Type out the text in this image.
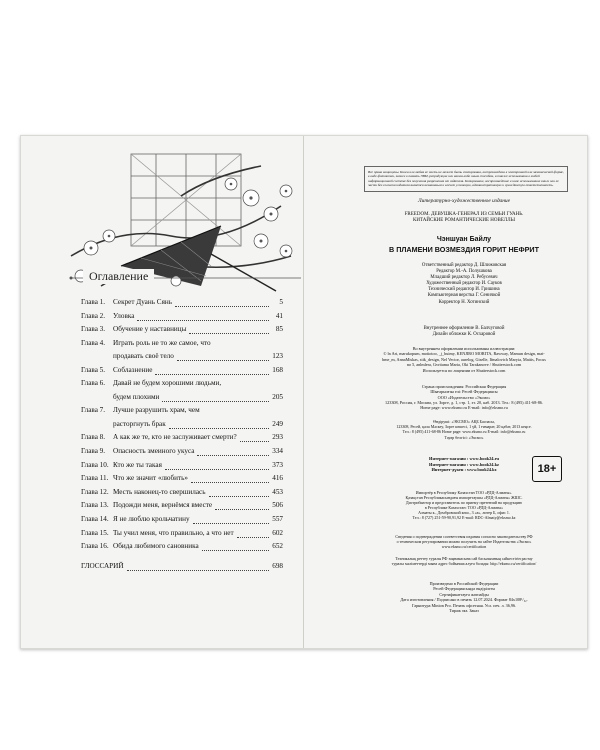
Оглавление
Глава 1. Секрет Дуань Сянь	5
Глава 2. Уловка	41
Глава 3. Обучение у наставницы	85
Глава 4. Играть роль не то же самое, что
продавать своё тело	123
Глава 5. Соблазнение	168
Глава 6. Давай не будем хорошими людьми,
будем плохими	205
Глава 7. Лучше разрушить храм, чем
расторгнуть брак	249
Глава 8. А как же те, кто не заслуживает смерти?	293
Глава 9. Опасность змеиного укуса	334
Глава 10. Кто же ты такая	373
Глава 11. Что же значит «любить»	416
Глава 12. Месть наконец-то свершилась	453
Глава 13. Подожди меня, вернёмся вместе	506
Глава 14. Я не люблю крольчатину	557
Глава 15. Ты учил меня, что правильно, а что нет	602
Глава 16. Обида любимого сановника	652
ГЛОССАРИЙ	698
Все права защищены. Книга или любая ее часть не может быть скопирована, воспроизведена в электронной или механической форме, в виде фотокопии, записи в память ЭВМ, репродукции или каким-либо иным способом, а также использована в любой информационной системе без получения разрешения от издателя. Копирование, воспроизведение и иное использование книги или ее части без согласия издателя является незаконным и влечет уголовную, административную и гражданскую ответственность.
Литературно-художественное издание
FREEDOM. ДЕВУШКА-ГЕНЕРАЛ ИЗ СЕМЬИ ГУАНЬ.
КИТАЙСКИЕ РОМАНТИЧЕСКИЕ НОВЕЛЛЫ
Чэншуан Байлу
В ПЛАМЕНИ ВОЗМЕЗДИЯ ГОРИТ НЕФРИТ
Ответственный редактор Д. Шлижовская
Редактор М.-А. Полушкова
Младший редактор Л. Ребусевич
Художественный редактор И. Сауков
Технический редактор И. Гришина
Компьютерная верстка Г. Сеничкой
Корректор Н. Хотинский
Внутреннее оформление В. Балчуговой
Дизайн обложки К. Осхаровой
Во внутреннем оформлении использованы иллюстрации:
© ln Art, marukopum, motiotoo, _j_buimy, KENJIRO MORITA, Rawway, Mamun design, mat-
bme_m, AnnaMiskas, stik_design, Nel Vector, aurelog, Giselle, Ifmalovich Maryia, Mattis, Focus
no 5, anlmlera, Gvritama Maria, Oki Tarakanove / Shutterstock.com
Используется по лицензии от Shutterstock.com
Страна происхождения: Российская Федерация
Шығарылған елі: Ресей Федерациясы
ООО «Издательство «Эксмо»
123308, Россия, г. Москва, ул. Зорге, д. 1, стр. 1, эт. 20, каб. 2013. Тел.: 8 (495) 411-68-86.
Home page: www.eksmo.ru E-mail: info@eksmo.ru
Өндіруші: «ЭКСМО» АҚБ Баспасы,
123308, Ресей, қала Мәскеу, Зорге көшесі, 1 үй, 1 ғимарат, 20 қабат, 2013 кеңсе.
Тел.: 8 (495) 411-68-86 Home page: www.eksmo.ru E-mail: info@eksmo.ru
Тауар белгісі: «Эксмо»
Интернет-магазин : www.book24.ru
Интернет-магазин : www.book24.kz
Интернет-дүкен : www.book24.kz	18+
Импортёр в Республику Казахстан ТОО «РДЦ-Алматы».
Қазақстан Республикасындағы импорттаушы «РДЦ-Алматы» ЖШС.
Дистрибьютор и представитель по приему претензий на продукцию
в Республике Казахстан: ТОО «РДЦ-Алматы»
Алматы к., Домбровский көш., 3 «а», литер Б, офис 1.
Тел.: 8 (727) 251-59-90,91,92 E-mail: RDC-Almaty@eksmo.kz
Сведения о подтверждении соответствия издания согласно законодательству РФ
о техническом регулировании можно получить на сайте Издательства «Эксмо»
www.eksmo.ru/certification
Техникалық реттеу туралы РФ заңнамасына сай басылымның сәйкестігін растау
туралы мәліметтерді мына адрес бойынша алуға болады: http://eksmo.ru/certification/
Произведено в Российской Федерации
Ресей Федерациясында өндірілген
Сертификаттауға жатпайды
Дата изготовления / Подписано в печать 12.07.2024. Формат 84x108¹/₃₂.
Гарнитура Minion Pro. Печать офсетная. Усл. печ. л. 36,96.
Тираж экз. Заказ
